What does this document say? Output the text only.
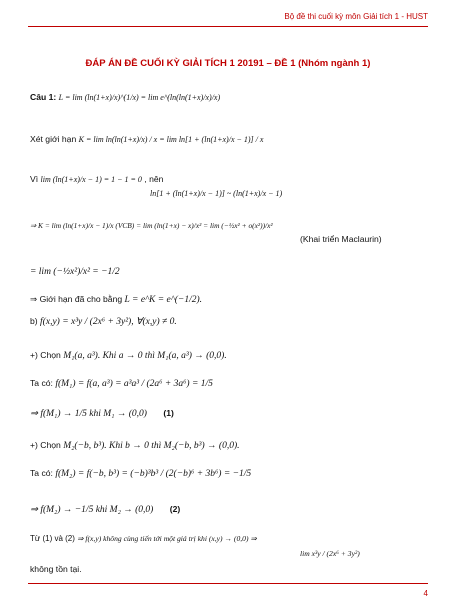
Bộ đề thi cuối kỳ môn Giải tích 1 - HUST
ĐÁP ÁN ĐỀ CUỐI KỲ GIẢI TÍCH 1 20191 – ĐỀ 1 (Nhóm ngành 1)
Câu 1: L = lim (ln(1+x)/x)^(1/x) = lim e^(ln(ln(1+x)/x)/x)
Xét giới hạn K = lim ln(ln(1+x)/x) / x = lim ln[1 + (ln(1+x)/x − 1)] / x
Vì lim (ln(1+x)/x − 1) = 1 − 1 = 0 , nên
ln[1 + (ln(1+x)/x − 1)] ~ (ln(1+x)/x − 1)
⇒ K = lim (ln(1+x)/x − 1)/x (VCB) = lim (ln(1+x) − x)/x² = lim (−½x² + o(x²))/x²
(Khai triển Maclaurin)
= lim (−½x²)/x² = −1/2
⇒ Giới hạn đã cho bằng L = e^K = e^(−1/2).
b) f(x,y) = x³y / (2x⁶ + 3y²), ∀(x,y) ≠ 0.
+) Chọn M₁(a, a³). Khi a → 0 thì M₁(a, a³) → (0,0).
Ta có: f(M₁) = f(a, a³) = a³a³ / (2a⁶ + 3a⁶) = 1/5
⇒ f(M₁) → 1/5 khi M₁ → (0,0) (1)
+) Chọn M₂(−b, b³). Khi b → 0 thì M₂(−b, b³) → (0,0).
Ta có: f(M₂) = f(−b, b³) = (−b)³b³ / (2(−b)⁶ + 3b⁶) = −1/5
⇒ f(M₂) → −1/5 khi M₂ → (0,0) (2)
Từ (1) và (2) ⇒ f(x,y) không cùng tiến tới một giá trị khi (x,y) → (0,0) ⇒
lim x³y / (2x⁶ + 3y²)
không tồn tại.
4
